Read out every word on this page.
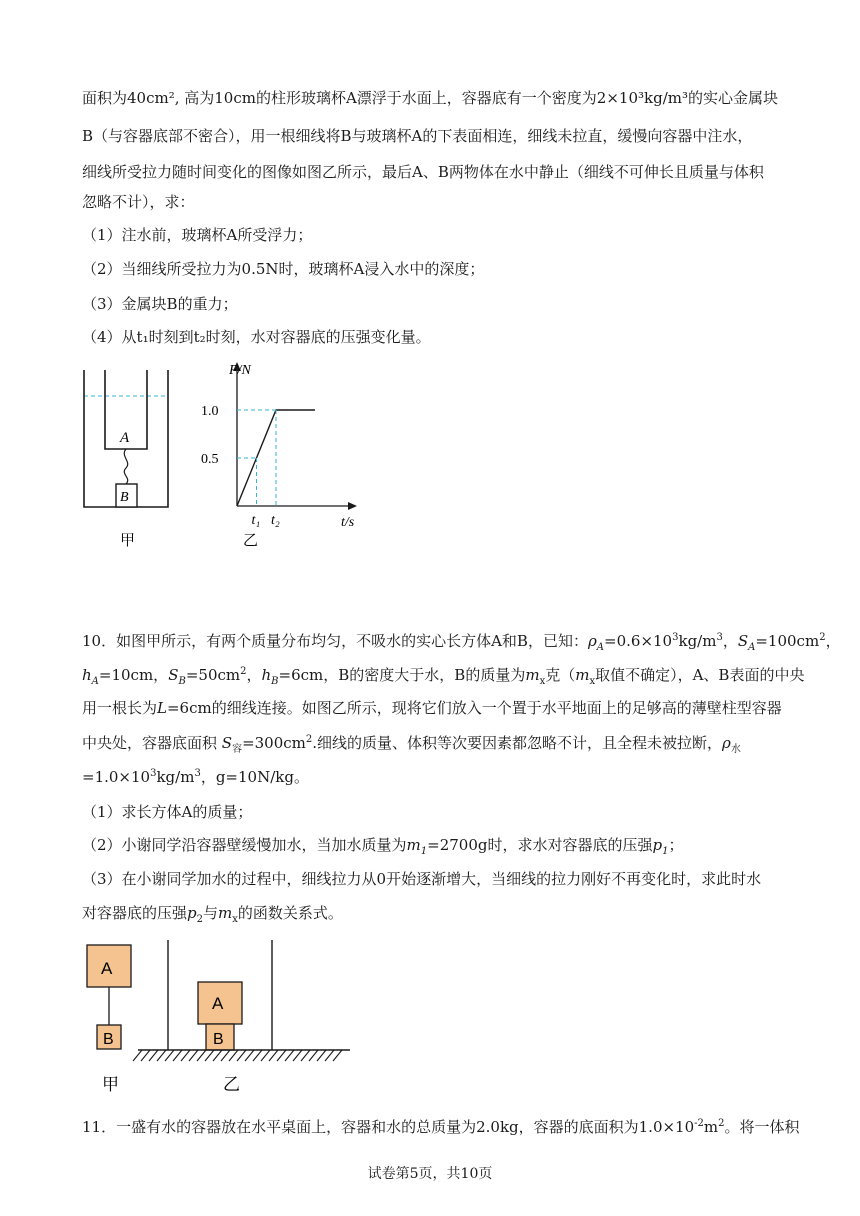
面积为40cm², 高为10cm的柱形玻璃杯A漂浮于水面上，容器底有一个密度为2×10³kg/m³的实心金属块
B（与容器底部不密合），用一根细线将B与玻璃杯A的下表面相连，细线未拉直，缓慢向容器中注水，
细线所受拉力随时间变化的图像如图乙所示，最后A、B两物体在水中静止（细线不可伸长且质量与体积
忽略不计），求：
（1）注水前，玻璃杯A所受浮力；
（2）当细线所受拉力为0.5N时，玻璃杯A浸入水中的深度；
（3）金属块B的重力；
（4）从t₁时刻到t₂时刻，水对容器底的压强变化量。
A
B
甲
F/N
t/s
1.0
0.5
t₁ t₂
乙
10．如图甲所示，有两个质量分布均匀，不吸水的实心长方体A和B，已知：$\rho_A=0.6\times 10^3kg/m^3$，$S_A=100cm^2$，
$h_A=10cm$，$S_B=50cm^2$，$h_B=6cm$，B的密度大于水，B的质量为$m_x$克（$m_x$取值不确定），A、B表面的中央
用一根长为L=6cm的细线连接。如图乙所示，现将它们放入一个置于水平地面上的足够高的薄壁柱型容器
中央处，容器底面积 $S_容=300cm^2$.细线的质量、体积等次要因素都忽略不计，且全程未被拉断，$\rho_水$
$=1.0\times 10^3kg/m^3$，g=10N/kg。
（1）求长方体A的质量；
（2）小谢同学沿容器壁缓慢加水，当加水质量为$m_1=2700g$时，求水对容器底的压强$p_1$；
（3）在小谢同学加水的过程中，细线拉力从0开始逐渐增大，当细线的拉力刚好不再变化时，求此时水
对容器底的压强$p_2$与$m_x$的函数关系式。
A
B
甲
A
B
乙
11．一盛有水的容器放在水平桌面上，容器和水的总质量为2.0kg，容器的底面积为$1.0\times 10^{-2}m^2$。将一体积
试卷第5页，共10页
